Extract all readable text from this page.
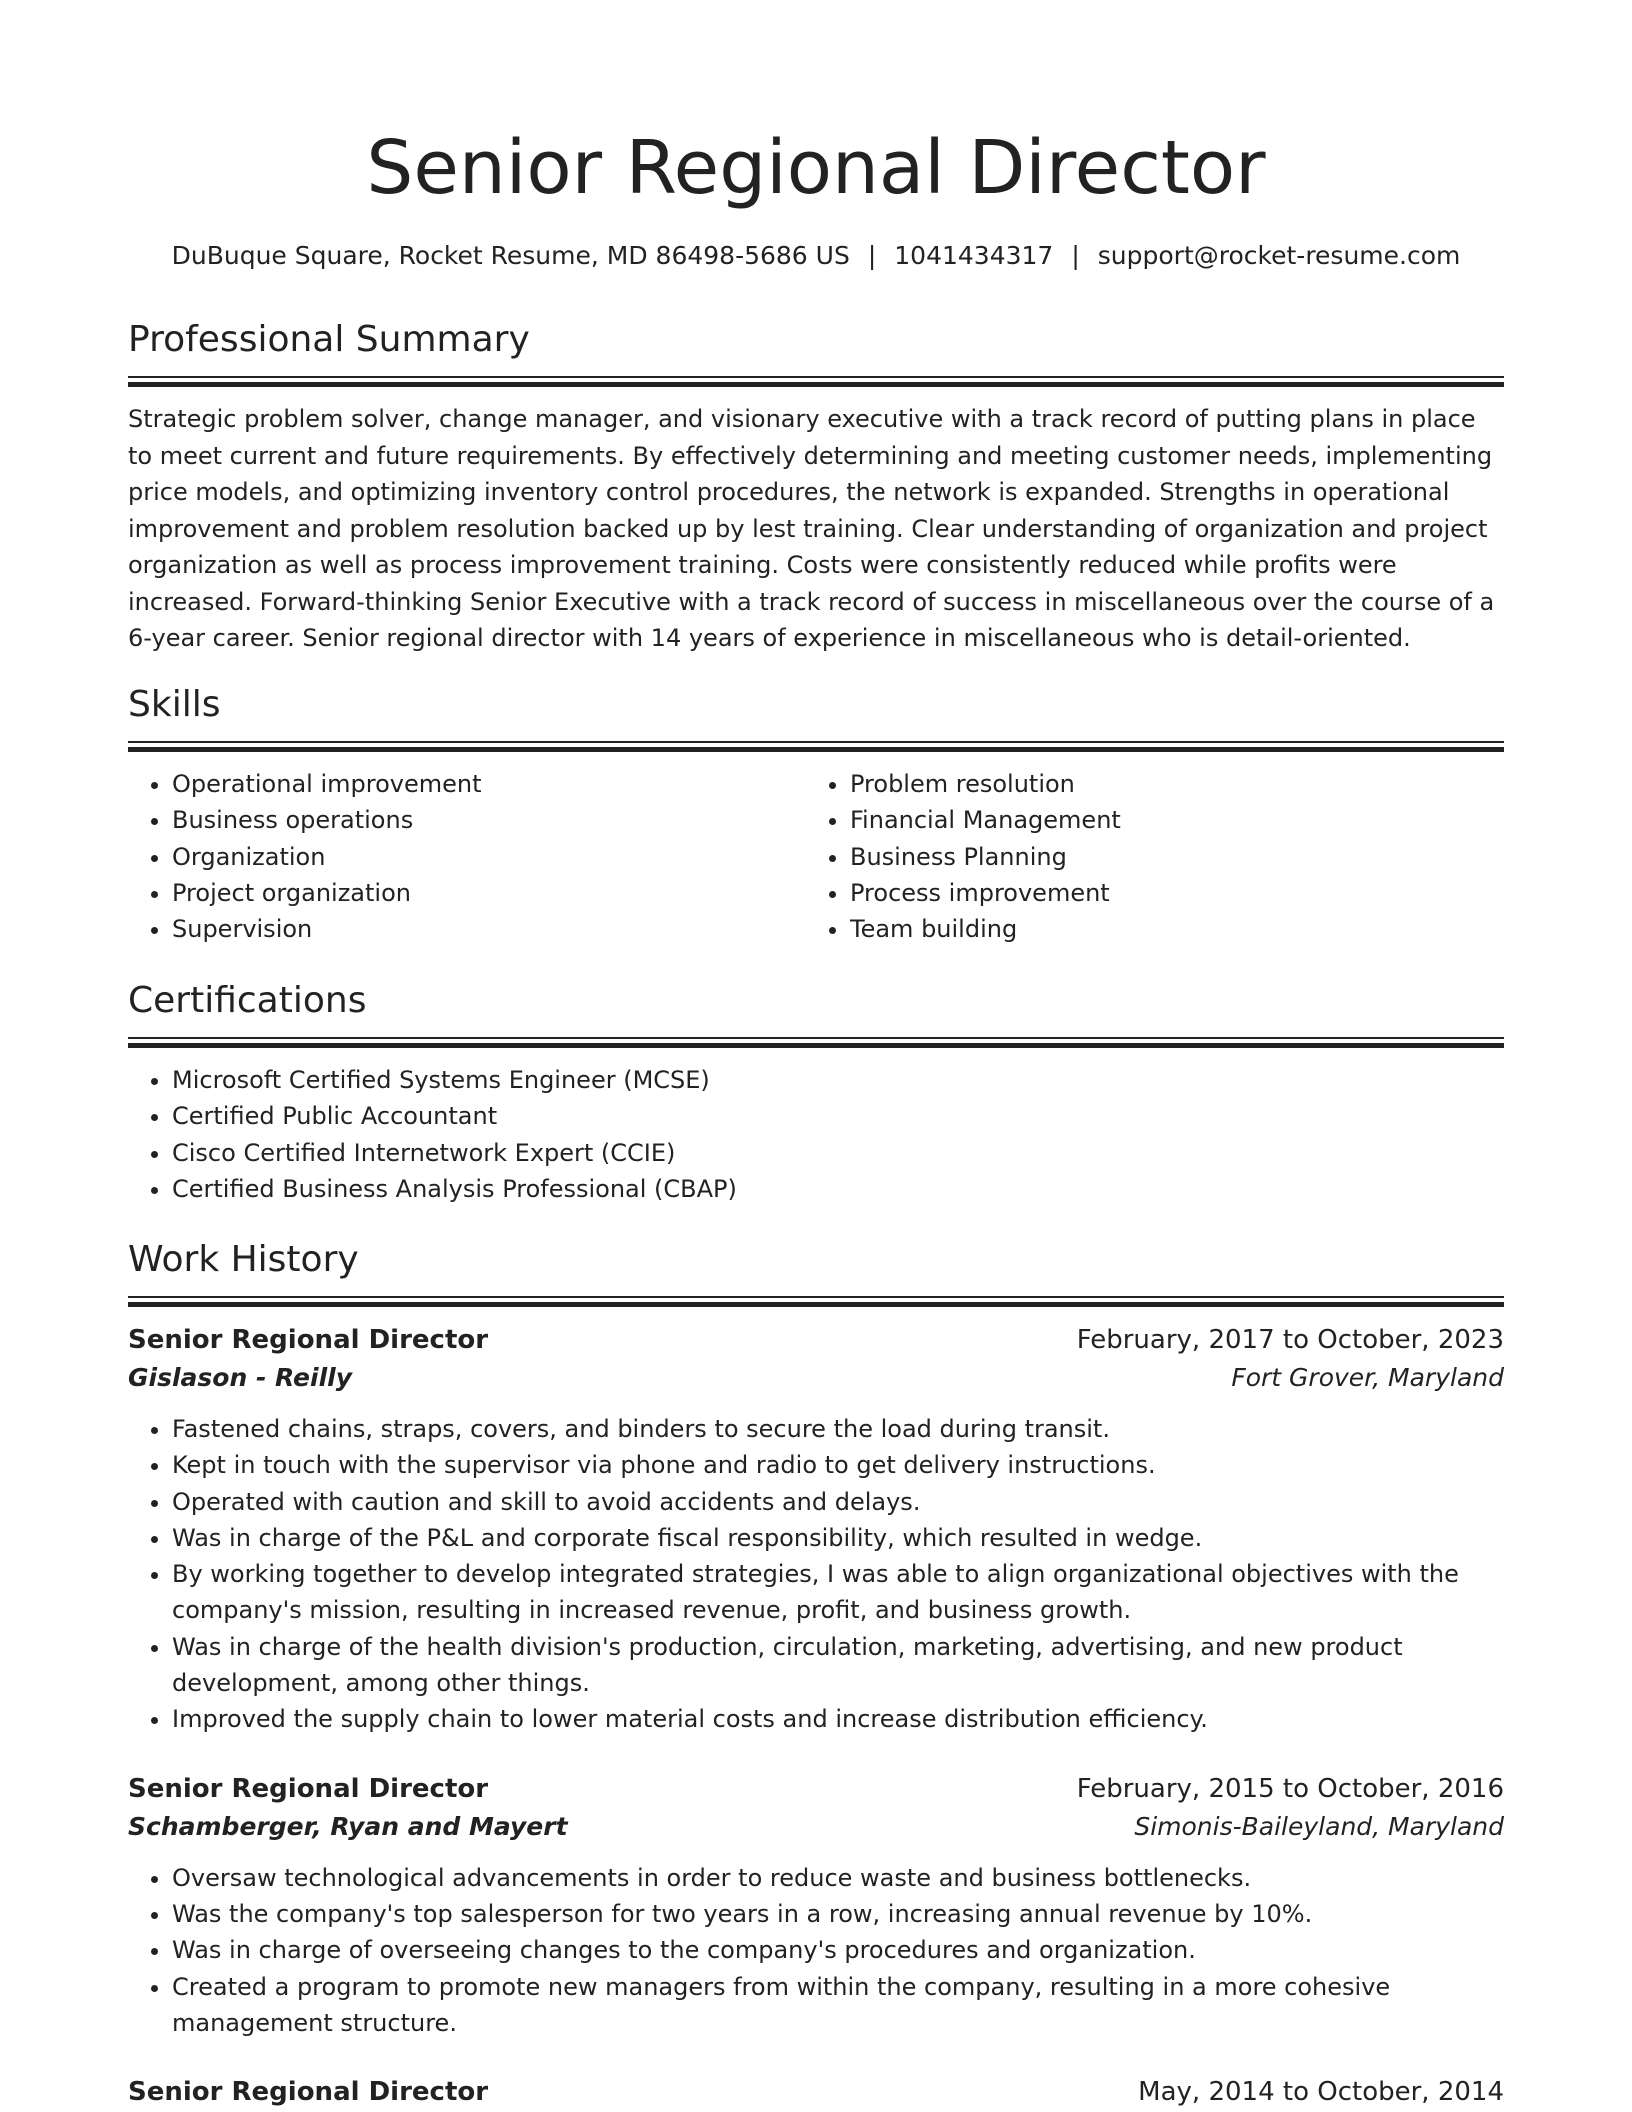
Senior Regional Director
DuBuque Square, Rocket Resume, MD 86498-5686 US | 1041434317 | support@rocket-resume.com
Professional Summary

Strategic problem solver, change manager, and visionary executive with a track record of putting plans in place to meet current and future requirements. By effectively determining and meeting customer needs, implementing price models, and optimizing inventory control procedures, the network is expanded. Strengths in operational improvement and problem resolution backed up by lest training. Clear understanding of organization and project organization as well as process improvement training. Costs were consistently reduced while profits were increased. Forward-thinking Senior Executive with a track record of success in miscellaneous over the course of a 6-year career. Senior regional director with 14 years of experience in miscellaneous who is detail-oriented.

Skills
• Operational improvement
• Business operations
• Organization
• Project organization
• Supervision
• Problem resolution
• Financial Management
• Business Planning
• Process improvement
• Team building
Certifications
• Microsoft Certified Systems Engineer (MCSE)
• Certified Public Accountant
• Cisco Certified Internetwork Expert (CCIE)
• Certified Business Analysis Professional (CBAP)
Work History
Senior Regional Director	February, 2017 to October, 2023
Gislason - Reilly	Fort Grover, Maryland
• Fastened chains, straps, covers, and binders to secure the load during transit.
• Kept in touch with the supervisor via phone and radio to get delivery instructions.
• Operated with caution and skill to avoid accidents and delays.
• Was in charge of the P&L and corporate fiscal responsibility, which resulted in wedge.
• By working together to develop integrated strategies, I was able to align organizational objectives with the company's mission, resulting in increased revenue, profit, and business growth.
• Was in charge of the health division's production, circulation, marketing, advertising, and new product development, among other things.
• Improved the supply chain to lower material costs and increase distribution efficiency.
Senior Regional Director	February, 2015 to October, 2016
Schamberger, Ryan and Mayert	Simonis-Baileyland, Maryland
• Oversaw technological advancements in order to reduce waste and business bottlenecks.
• Was the company's top salesperson for two years in a row, increasing annual revenue by 10%.
• Was in charge of overseeing changes to the company's procedures and organization.
• Created a program to promote new managers from within the company, resulting in a more cohesive management structure.
Senior Regional Director	May, 2014 to October, 2014
